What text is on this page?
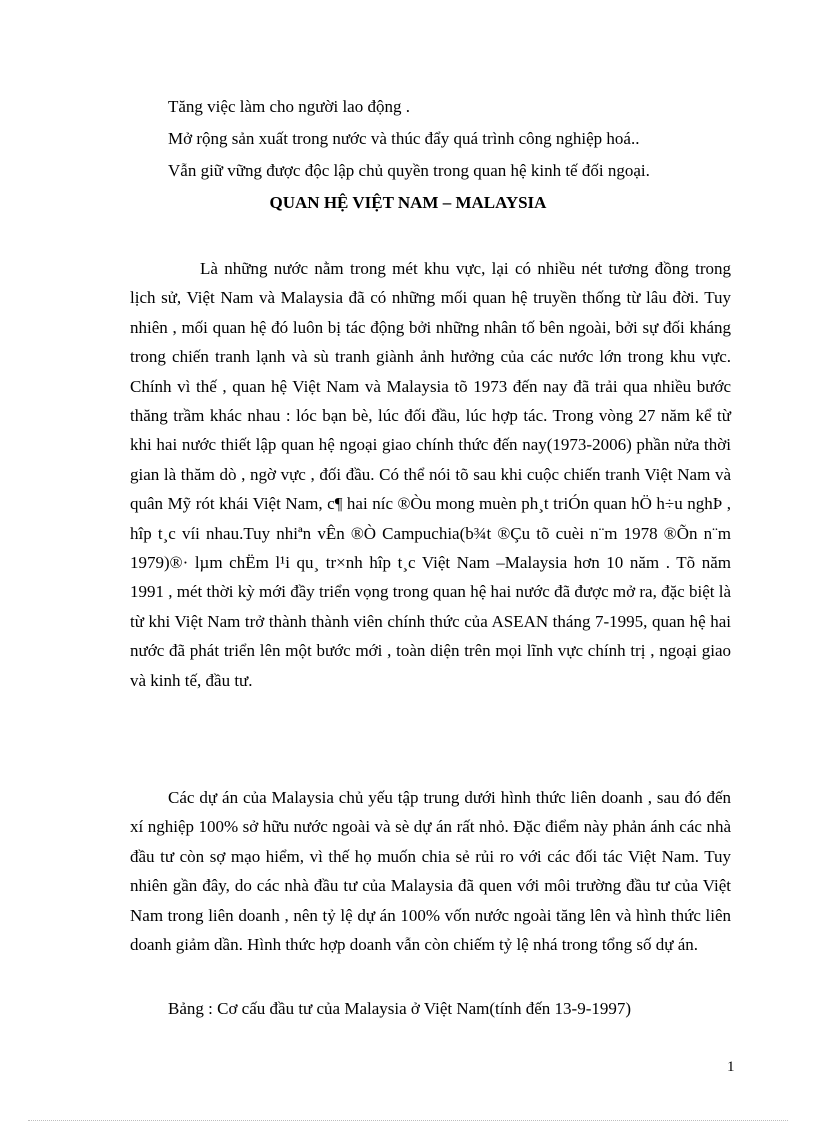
Tăng việc làm cho người lao động .
Mở rộng sản xuất trong nước và thúc đẩy quá trình công nghiệp hoá..
Vẫn giữ vững được độc lập chủ quyền trong quan hệ kinh tế đối ngoại.
QUAN HỆ VIỆT NAM – MALAYSIA

Là những nước nằm trong mét khu vực, lại có nhiều nét tương đồng trong lịch sử, Việt Nam và Malaysia đã có những mối quan hệ truyền thống từ lâu đời. Tuy nhiên , mối quan hệ đó luôn bị tác động bởi những nhân tố bên ngoài, bởi sự đối kháng trong chiến tranh lạnh và sù tranh giành ảnh hưởng của các nước lớn trong khu vực. Chính vì thế , quan hệ Việt Nam và Malaysia tõ 1973 đến nay đã trải qua nhiều bước thăng trầm khác nhau : lóc bạn bè, lúc đối đầu, lúc hợp tác. Trong vòng 27 năm kể từ khi hai nước thiết lập quan hệ ngoại giao chính thức đến nay(1973-2006) phần nửa thời gian là thăm dò , ngờ vực , đối đầu. Có thể nói tõ sau khi cuộc chiến tranh Việt Nam và quân Mỹ rót khái Việt Nam, c¶ hai níc ®Òu mong muèn ph¸t triÓn quan hÖ h÷u nghÞ , hîp t¸c víi nhau.Tuy nhiªn vÊn ®Ò Campuchia(b¾t ®Çu tõ cuèi n¨m 1978 ®Õn n¨m 1979)®· lµm chËm l¹i qu¸ tr×nh hîp t¸c Việt Nam –Malaysia hơn 10 năm . Tõ năm 1991 , mét thời kỳ mới đầy triển vọng trong quan hệ hai nước đã được mở ra, đặc biệt là từ khi Việt Nam trở thành thành viên chính thức của ASEAN tháng 7-1995, quan hệ hai nước đã phát triển lên một bước mới , toàn diện trên mọi lĩnh vực chính trị , ngoại giao và kinh tế, đầu tư.

Các dự án của Malaysia chủ yếu tập trung dưới hình thức liên doanh , sau đó đến xí nghiệp 100% sở hữu nước ngoài và sè dự án rất nhỏ. Đặc điểm này phản ánh các nhà đầu tư còn sợ mạo hiểm, vì thế họ muốn chia sẻ rủi ro với các đối tác Việt Nam. Tuy nhiên gần đây, do các nhà đầu tư của Malaysia đã quen với môi trường đầu tư của Việt Nam trong liên doanh , nên tỷ lệ dự án 100% vốn nước ngoài tăng lên và hình thức liên doanh giảm dần. Hình thức hợp doanh vẫn còn chiếm tỷ lệ nhá trong tổng số dự án.

Bảng : Cơ cấu đầu tư của Malaysia ở Việt Nam(tính đến 13-9-1997)
1
